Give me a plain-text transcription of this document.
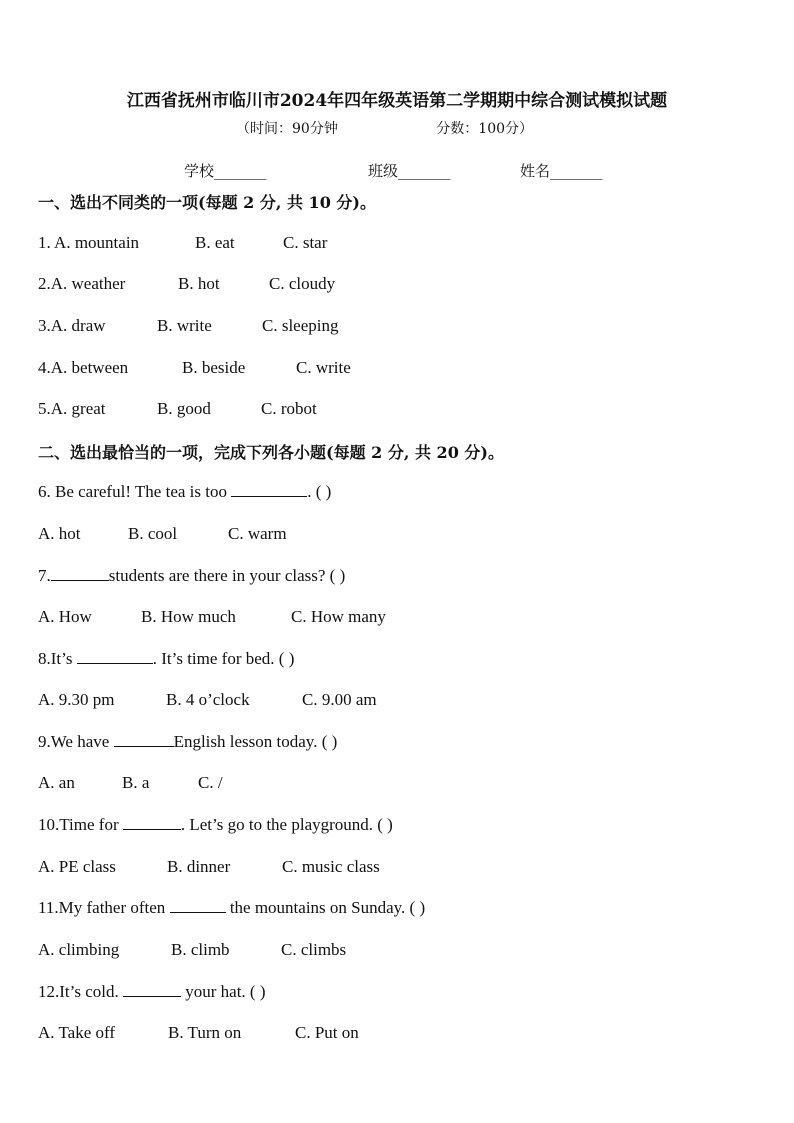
江西省抚州市临川市2024年四年级英语第二学期期中综合测试模拟试题
（时间：90分钟	分数：100分）
学校_______	班级_______	姓名_______
一、选出不同类的一项(每题 2 分, 共 10 分)。
1. A. mountain	B. eat	C. star
2.A. weather	B. hot	C. cloudy
3.A. draw	B. write	C. sleeping
4.A. between	B. beside	C. write
5.A. great	B. good	C. robot
二、选出最恰当的一项，完成下列各小题(每题 2 分, 共 20 分)。
6. Be careful! The tea is too	. ( )
A. hot	B. cool	C. warm
7.	students are there in your class? ( )
A. How	B. How much	C. How many
8.It’s	. It’s time for bed. ( )
A. 9.30 pm	B. 4 o’clock	C. 9.00 am
9.We have	English lesson today. ( )
A. an	B. a	C. /
10.Time for	. Let’s go to the playground. ( )
A. PE class	B. dinner	C. music class
11.My father often	the mountains on Sunday. ( )
A. climbing	B. climb	C. climbs
12.It’s cold.	your hat. ( )
A. Take off	B. Turn on	C. Put on
